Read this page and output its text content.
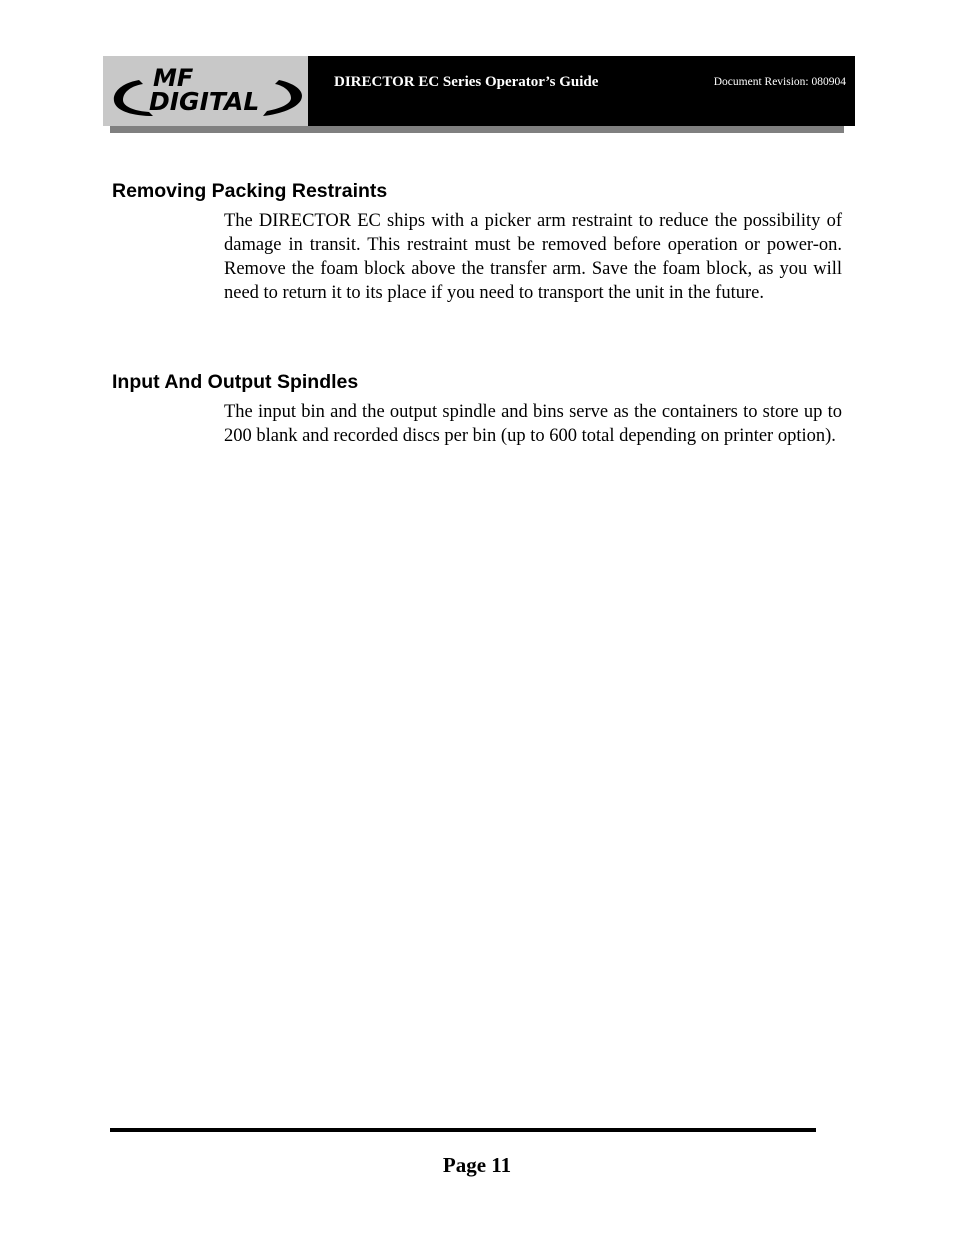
MF
DIGITAL
DIRECTOR EC Series Operator’s Guide	Document Revision: 080904
Removing Packing Restraints

The DIRECTOR EC ships with a picker arm restraint to reduce the possibility of damage in transit. This restraint must be removed before operation or power-on. Remove the foam block above the transfer arm. Save the foam block, as you will need to return it to its place if you need to transport the unit in the future.

Input And Output Spindles

The input bin and the output spindle and bins serve as the containers to store up to 200 blank and recorded discs per bin (up to 600 total depending on printer option).

Page 11
